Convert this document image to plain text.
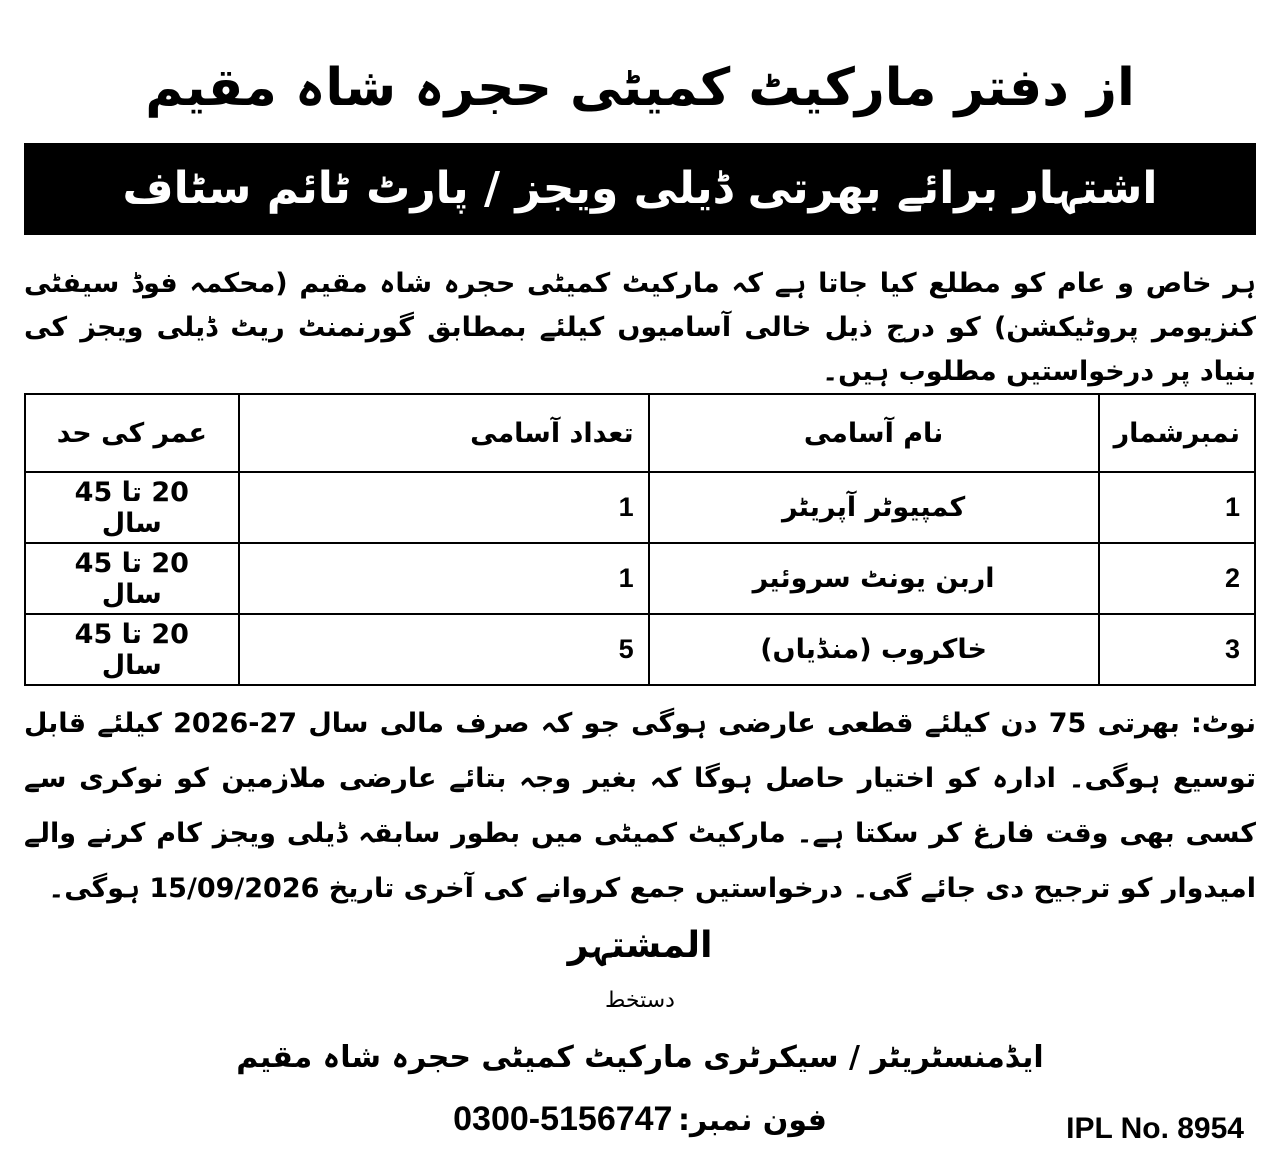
از دفتر مارکیٹ کمیٹی حجرہ شاہ مقیم
اشتہار برائے بھرتی ڈیلی ویجز / پارٹ ٹائم سٹاف
ہر خاص و عام کو مطلع کیا جاتا ہے کہ مارکیٹ کمیٹی حجرہ شاہ مقیم (محکمہ فوڈ سیفٹی کنزیومر پروٹیکشن) کو درج ذیل خالی آسامیوں کیلئے بمطابق گورنمنٹ ریٹ ڈیلی ویجز کی بنیاد پر درخواستیں مطلوب ہیں۔
نمبرشمار	نام آسامی	تعداد آسامی	عمر کی حد
1	کمپیوٹر آپریٹر	1	20 تا 45 سال
2	اربن یونٹ سروئیر	1	20 تا 45 سال
3	خاکروب (منڈیاں)	5	20 تا 45 سال
نوٹ: بھرتی 75 دن کیلئے قطعی عارضی ہوگی جو کہ صرف مالی سال 27-2026 کیلئے قابل توسیع ہوگی۔ ادارہ کو اختیار حاصل ہوگا کہ بغیر وجہ بتائے عارضی ملازمین کو نوکری سے کسی بھی وقت فارغ کر سکتا ہے۔ مارکیٹ کمیٹی میں بطور سابقہ ڈیلی ویجز کام کرنے والے امیدوار کو ترجیح دی جائے گی۔ درخواستیں جمع کروانے کی آخری تاریخ 15/09/2026 ہوگی۔
المشتہر
دستخط
ایڈمنسٹریٹر / سیکرٹری مارکیٹ کمیٹی حجرہ شاہ مقیم
فون نمبر: 0300-5156747	IPL No. 8954
